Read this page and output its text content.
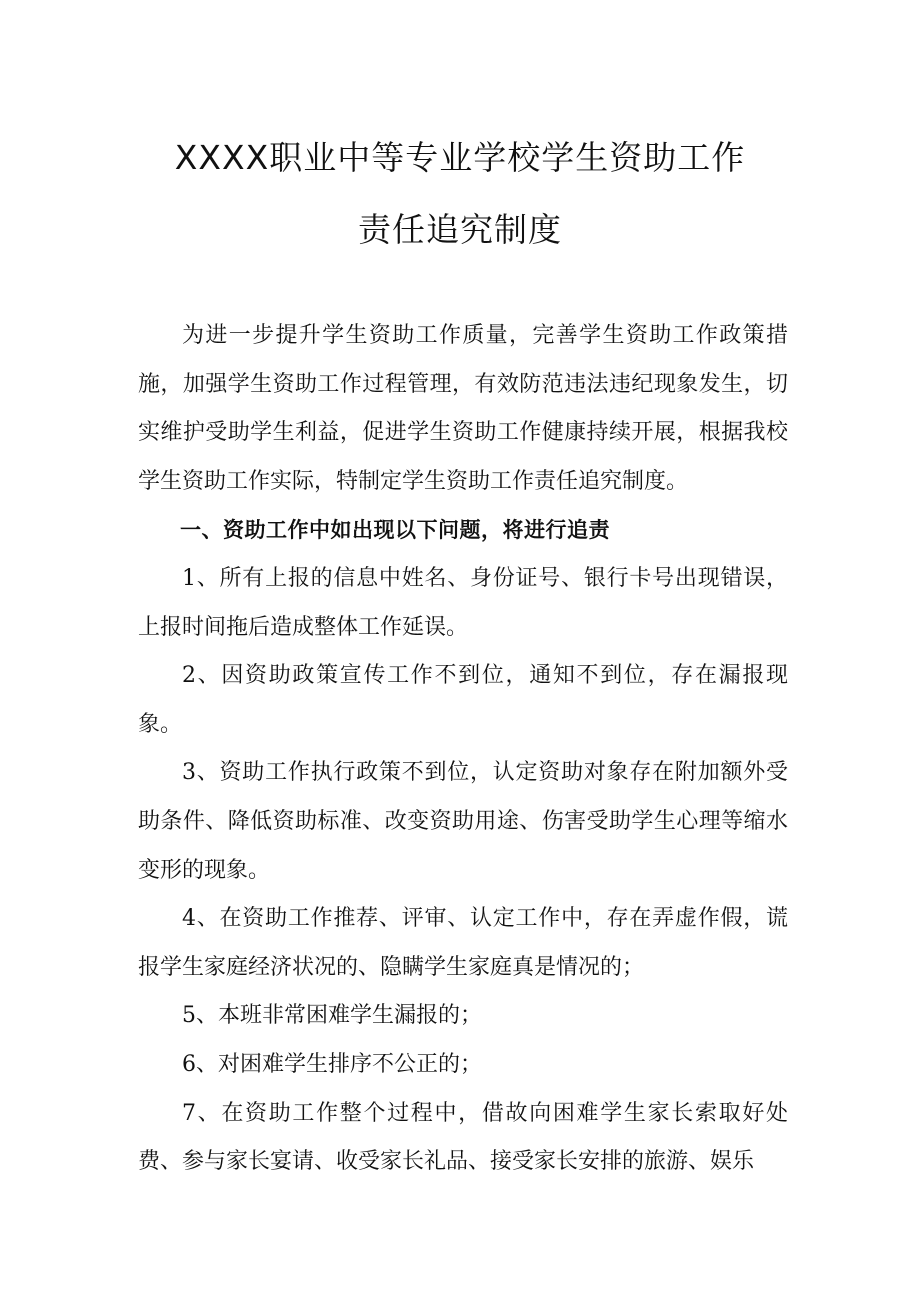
XXXX职业中等专业学校学生资助工作
责任追究制度

为进一步提升学生资助工作质量，完善学生资助工作政策措施，加强学生资助工作过程管理，有效防范违法违纪现象发生，切实维护受助学生利益，促进学生资助工作健康持续开展，根据我校学生资助工作实际，特制定学生资助工作责任追究制度。

一、资助工作中如出现以下问题，将进行追责

1、所有上报的信息中姓名、身份证号、银行卡号出现错误，上报时间拖后造成整体工作延误。

2、因资助政策宣传工作不到位，通知不到位，存在漏报现象。

3、资助工作执行政策不到位，认定资助对象存在附加额外受助条件、降低资助标准、改变资助用途、伤害受助学生心理等缩水变形的现象。

4、在资助工作推荐、评审、认定工作中，存在弄虚作假，谎报学生家庭经济状况的、隐瞒学生家庭真是情况的；

5、本班非常困难学生漏报的；

6、对困难学生排序不公正的；

7、在资助工作整个过程中，借故向困难学生家长索取好处费、参与家长宴请、收受家长礼品、接受家长安排的旅游、娱乐
